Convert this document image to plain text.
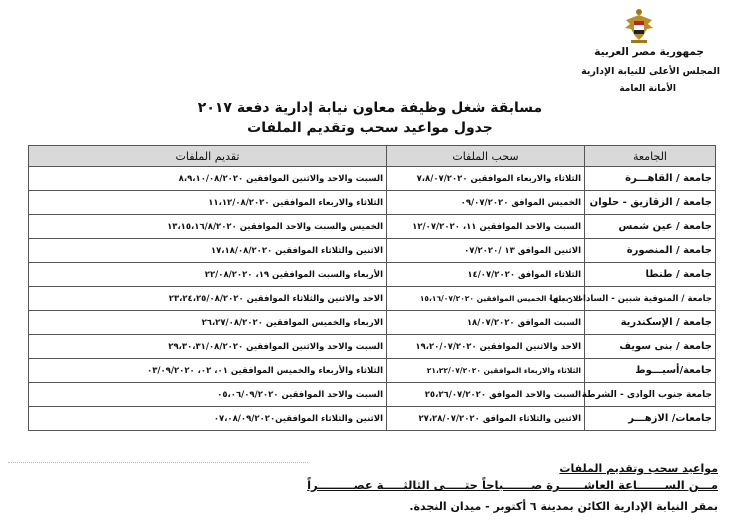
جمهورية مصر العربية
المجلس الأعلى للنيابة الإدارية
الأمانة العامة
مسابقة شغل وظيفة معاون نيابة إدارية دفعة ٢٠١٧
جدول مواعيد سحب وتقديم الملفات
الجامعة	سحب الملفات	تقديم الملفات
جامعة / القاهـــرة	الثلاثاء والاربعاء الموافقين ٧،٨/٠٧/٢٠٢٠	السبت والاحد والاثنين الموافقين ٨،٩،١٠/٠٨/٢٠٢٠
جامعة / الزقازيق - حلوان	الخميس الموافق ٠٩/٠٧/٢٠٢٠	الثلاثاء والاربعاء الموافقين ١١،١٢/٠٨/٢٠٢٠
جامعة / عين شمس	السبت والاحد الموافقين ١١، ١٢/٠٧/٢٠٢٠	الخميس والسبت والاحد الموافقين ١٣،١٥،١٦/٨/٢٠٢٠
جامعة / المنصورة	الاثنين الموافق ١٣ /٠٧/٢٠٢٠	الاثنين والثلاثاء الموافقين ١٧،١٨/٠٨/٢٠٢٠
جامعة / طنطا	الثلاثاء الموافق ١٤/٠٧/٢٠٢٠	الأربعاء والسبت الموافقين ١٩، ٢٢/٠٨/٢٠٢٠
جامعة / المنوفية شبين - السادات - بنها	الاربعاء - الخميس الموافقين ١٥،١٦/٠٧/٢٠٢٠	الاحد والاثنين والثلاثاء الموافقين ٢٣،٢٤،٢٥/٠٨/٢٠٢٠
جامعة / الإسكندرية	السبت الموافق ١٨/٠٧/٢٠٢٠	الاربعاء والخميس الموافقين ٢٦،٢٧/٠٨/٢٠٢٠
جامعة / بنى سويف	الاحد والاثنين الموافقين ١٩،٢٠/٠٧/٢٠٢٠	السبت والاحد والاثنين الموافقين ٢٩،٣٠،٣١/٠٨/٢٠٢٠
جامعة/أسيـــوط	الثلاثاء والاربعاء الموافقين ٢١،٢٢/٠٧/٢٠٢٠	الثلاثاء والأربعاء والخميس الموافقين ٠١، ٠٢، ٠٣/٠٩/٢٠٢٠
جامعة جنوب الوادى - الشرطة	السبت والاحد الموافق ٢٥،٢٦/٠٧/٢٠٢٠	السبت والاحد الموافقين ٠٥،٠٦/٠٩/٢٠٢٠
جامعات/ الازهـــر	الاثنين والثلاثاء الموافق ٢٧،٢٨/٠٧/٢٠٢٠	الاثنين والثلاثاء الموافقين٠٧،٠٨/٠٩/٢٠٢٠
مواعيد سحب وتقديم الملفات
مـــن الســـــــاعة العاشــــــرة صـــــــباحاً حتـــــى الثالثـــــة عصـــــــــراً
بمقر النيابة الإدارية الكائن بمدينة ٦ أكتوبر - ميدان النجدة.
